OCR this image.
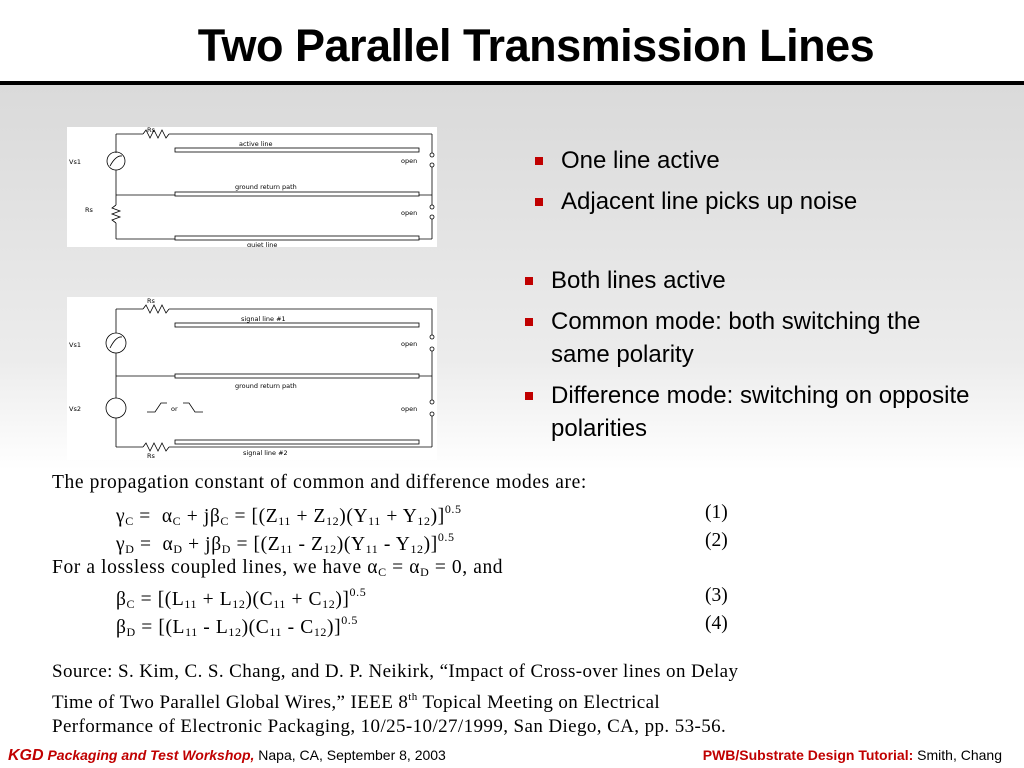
Two Parallel Transmission Lines
Rs
Vs1
Rs
active line
ground return path
quiet line
open
open
Rs
Vs1
Vs2
Rs
signal line #1
ground return path
signal line #2
or
open
open
One line active
Adjacent line picks up noise
Both lines active
Common mode: both switching the same polarity
Difference mode: switching on opposite polarities
The propagation constant of common and difference modes are:
$\gamma_C = \alpha_C + j\beta_C = [(Z_{11} + Z_{12})(Y_{11} + Y_{12})]^{0.5}$	(1)
$\gamma_D = \alpha_D + j\beta_D = [(Z_{11} - Z_{12})(Y_{11} - Y_{12})]^{0.5}$	(2)
For a lossless coupled lines, we have $\alpha_C = \alpha_D = 0$, and
$\beta_C = [(L_{11} + L_{12})(C_{11} + C_{12})]^{0.5}$	(3)
$\beta_D = [(L_{11} - L_{12})(C_{11} - C_{12})]^{0.5}$	(4)
Source: S. Kim, C. S. Chang, and D. P. Neikirk, “Impact of Cross-over lines on Delay
Time of Two Parallel Global Wires,” IEEE 8th Topical Meeting on Electrical
Performance of Electronic Packaging, 10/25-10/27/1999, San Diego, CA, pp. 53-56.
KGD Packaging and Test Workshop, Napa, CA, September 8, 2003	PWB/Substrate Design Tutorial: Smith, Chang
